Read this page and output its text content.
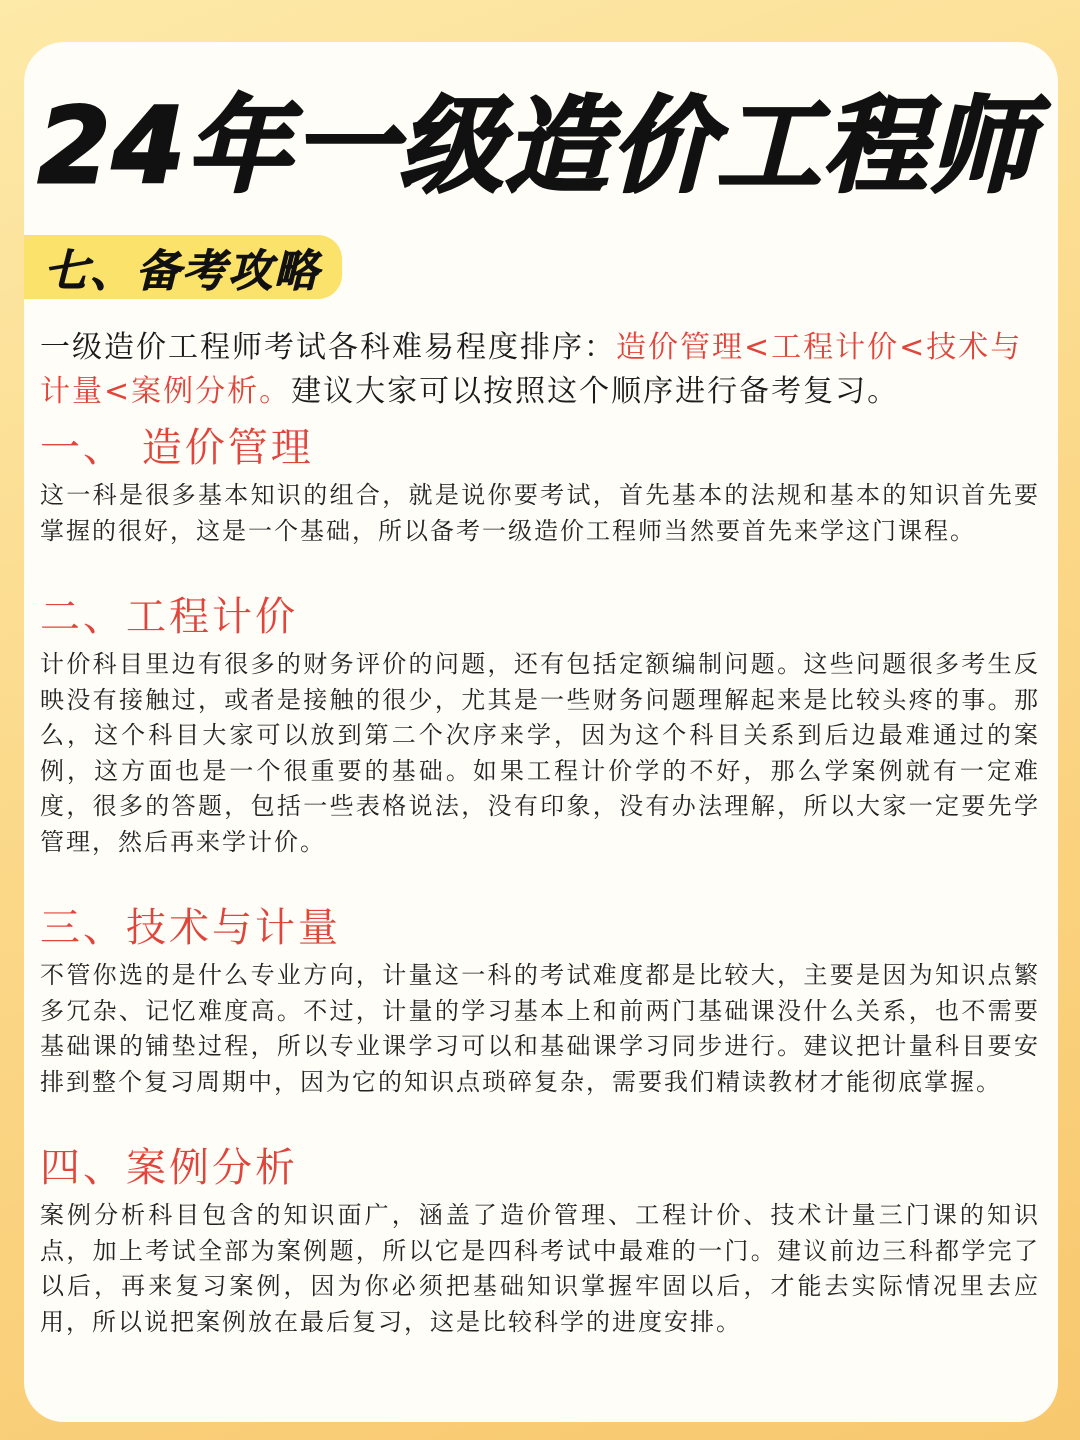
24年一级造价工程师
七、备考攻略

一级造价工程师考试各科难易程度排序：造价管理<工程计价<技术与计量<案例分析。建议大家可以按照这个顺序进行备考复习。

一、 造价管理

这一科是很多基本知识的组合，就是说你要考试，首先基本的法规和基本的知识首先要掌握的很好，这是一个基础，所以备考一级造价工程师当然要首先来学这门课程。

二、工程计价

计价科目里边有很多的财务评价的问题，还有包括定额编制问题。这些问题很多考生反映没有接触过，或者是接触的很少，尤其是一些财务问题理解起来是比较头疼的事。那么，这个科目大家可以放到第二个次序来学，因为这个科目关系到后边最难通过的案例，这方面也是一个很重要的基础。如果工程计价学的不好，那么学案例就有一定难度，很多的答题，包括一些表格说法，没有印象，没有办法理解，所以大家一定要先学管理，然后再来学计价。

三、技术与计量

不管你选的是什么专业方向，计量这一科的考试难度都是比较大，主要是因为知识点繁多冗杂、记忆难度高。不过，计量的学习基本上和前两门基础课没什么关系，也不需要基础课的铺垫过程，所以专业课学习可以和基础课学习同步进行。建议把计量科目要安排到整个复习周期中，因为它的知识点琐碎复杂，需要我们精读教材才能彻底掌握。

四、案例分析

案例分析科目包含的知识面广，涵盖了造价管理、工程计价、技术计量三门课的知识点，加上考试全部为案例题，所以它是四科考试中最难的一门。建议前边三科都学完了以后，再来复习案例，因为你必须把基础知识掌握牢固以后，才能去实际情况里去应用，所以说把案例放在最后复习，这是比较科学的进度安排。
